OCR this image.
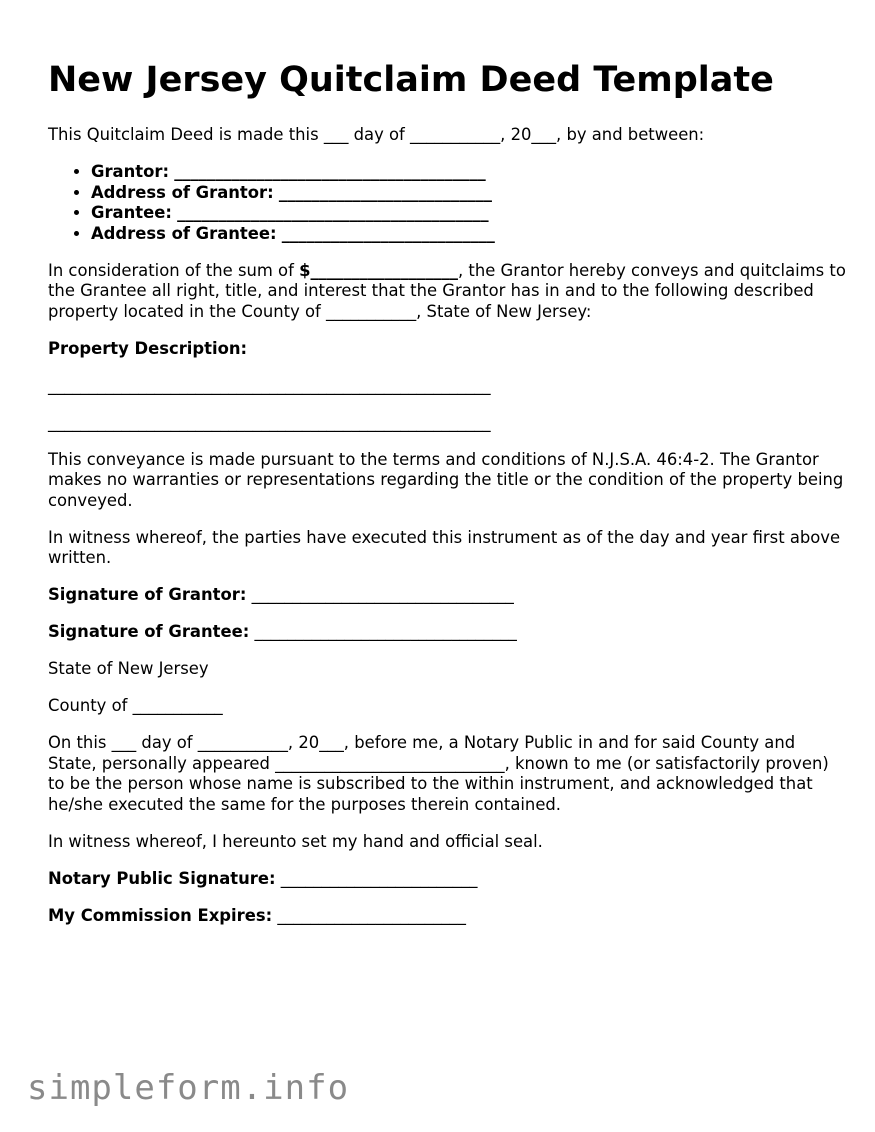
New Jersey Quitclaim Deed Template

This Quitclaim Deed is made this ___ day of ___________, 20___, by and between:

• Grantor: ______________________________________
• Address of Grantor: __________________________
• Grantee: ______________________________________
• Address of Grantee: __________________________

In consideration of the sum of $__________________, the Grantor hereby conveys and quitclaims to the Grantee all right, title, and interest that the Grantor has in and to the following described property located in the County of ___________, State of New Jersey:

Property Description:

______________________________________________________
______________________________________________________

This conveyance is made pursuant to the terms and conditions of N.J.S.A. 46:4-2. The Grantor makes no warranties or representations regarding the title or the condition of the property being conveyed.

In witness whereof, the parties have executed this instrument as of the day and year first above written.

Signature of Grantor: ________________________________

Signature of Grantee: ________________________________

State of New Jersey

County of ___________

On this ___ day of ___________, 20___, before me, a Notary Public in and for said County and State, personally appeared ____________________________, known to me (or satisfactorily proven) to be the person whose name is subscribed to the within instrument, and acknowledged that he/she executed the same for the purposes therein contained.

In witness whereof, I hereunto set my hand and official seal.

Notary Public Signature: ________________________

My Commission Expires: _______________________

simpleform.info
